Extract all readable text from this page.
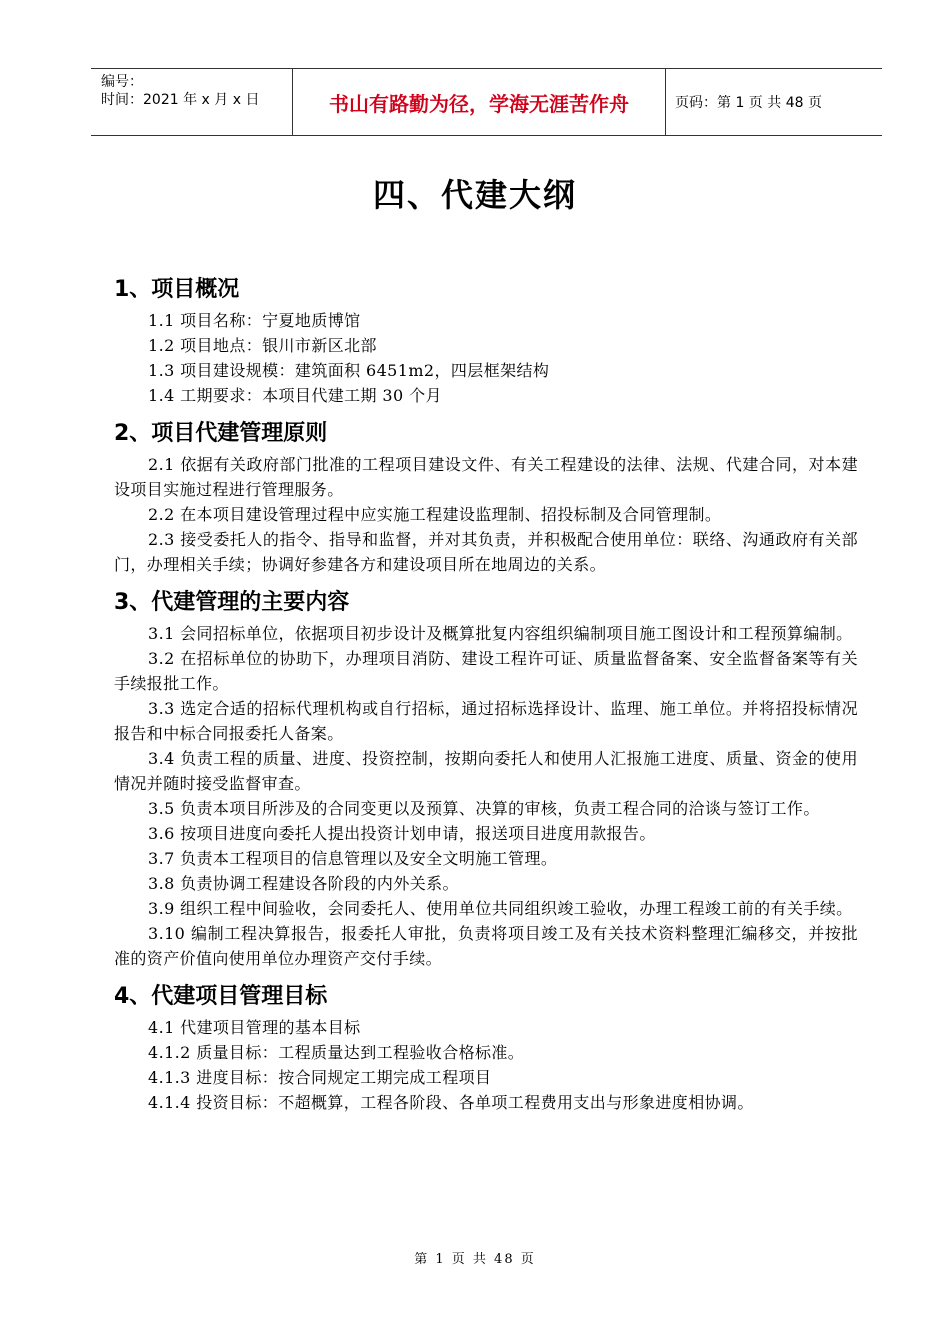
编号：
时间：2021 年 x 月 x 日	书山有路勤为径，学海无涯苦作舟	页码：第 1 页 共 48 页
四、代建大纲
1、项目概况

1.1 项目名称：宁夏地质博馆

1.2 项目地点：银川市新区北部

1.3 项目建设规模：建筑面积 6451m2，四层框架结构

1.4 工期要求：本项目代建工期 30 个月

2、项目代建管理原则

2.1 依据有关政府部门批准的工程项目建设文件、有关工程建设的法律、法规、代建合同，对本建设项目实施过程进行管理服务。

2.2 在本项目建设管理过程中应实施工程建设监理制、招投标制及合同管理制。

2.3 接受委托人的指令、指导和监督，并对其负责，并积极配合使用单位：联络、沟通政府有关部门，办理相关手续；协调好参建各方和建设项目所在地周边的关系。

3、代建管理的主要内容

3.1 会同招标单位，依据项目初步设计及概算批复内容组织编制项目施工图设计和工程预算编制。

3.2 在招标单位的协助下，办理项目消防、建设工程许可证、质量监督备案、安全监督备案等有关手续报批工作。

3.3 选定合适的招标代理机构或自行招标，通过招标选择设计、监理、施工单位。并将招投标情况报告和中标合同报委托人备案。

3.4 负责工程的质量、进度、投资控制，按期向委托人和使用人汇报施工进度、质量、资金的使用情况并随时接受监督审查。

3.5 负责本项目所涉及的合同变更以及预算、决算的审核，负责工程合同的洽谈与签订工作。

3.6 按项目进度向委托人提出投资计划申请，报送项目进度用款报告。

3.7 负责本工程项目的信息管理以及安全文明施工管理。

3.8 负责协调工程建设各阶段的内外关系。

3.9 组织工程中间验收，会同委托人、使用单位共同组织竣工验收，办理工程竣工前的有关手续。

3.10 编制工程决算报告，报委托人审批，负责将项目竣工及有关技术资料整理汇编移交，并按批准的资产价值向使用单位办理资产交付手续。

4、代建项目管理目标

4.1 代建项目管理的基本目标

4.1.2 质量目标：工程质量达到工程验收合格标准。

4.1.3 进度目标：按合同规定工期完成工程项目

4.1.4 投资目标：不超概算，工程各阶段、各单项工程费用支出与形象进度相协调。

第 1 页 共 48 页
